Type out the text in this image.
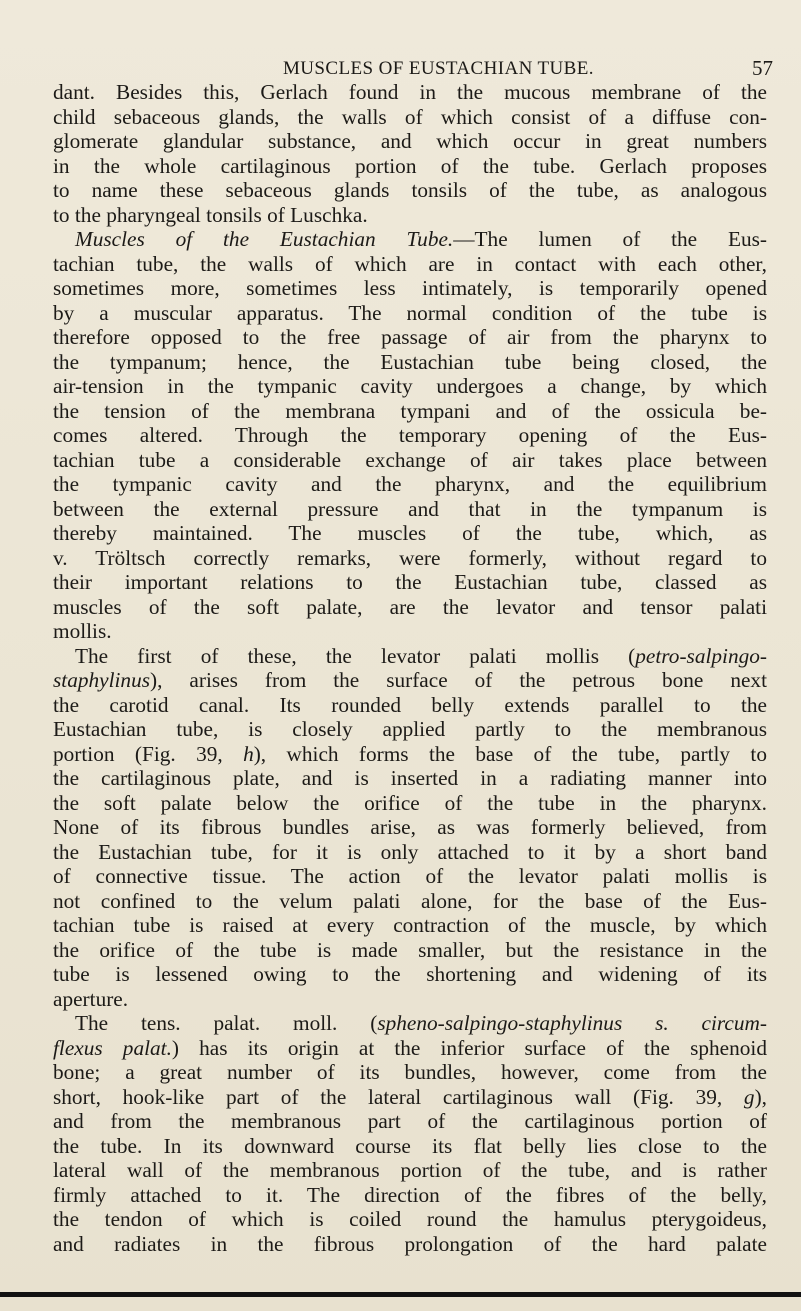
MUSCLES OF EUSTACHIAN TUBE.	57
dant. Besides this, Gerlach found in the mucous membrane of the
child sebaceous glands, the walls of which consist of a diffuse con-
glomerate glandular substance, and which occur in great numbers
in the whole cartilaginous portion of the tube. Gerlach proposes
to name these sebaceous glands tonsils of the tube, as analogous
to the pharyngeal tonsils of Luschka.
Muscles of the Eustachian Tube.—The lumen of the Eus-
tachian tube, the walls of which are in contact with each other,
sometimes more, sometimes less intimately, is temporarily opened
by a muscular apparatus. The normal condition of the tube is
therefore opposed to the free passage of air from the pharynx to
the tympanum; hence, the Eustachian tube being closed, the
air-tension in the tympanic cavity undergoes a change, by which
the tension of the membrana tympani and of the ossicula be-
comes altered. Through the temporary opening of the Eus-
tachian tube a considerable exchange of air takes place between
the tympanic cavity and the pharynx, and the equilibrium
between the external pressure and that in the tympanum is
thereby maintained. The muscles of the tube, which, as
v. Tröltsch correctly remarks, were formerly, without regard to
their important relations to the Eustachian tube, classed as
muscles of the soft palate, are the levator and tensor palati
mollis.
The first of these, the levator palati mollis (petro-salpingo-
staphylinus), arises from the surface of the petrous bone next
the carotid canal. Its rounded belly extends parallel to the
Eustachian tube, is closely applied partly to the membranous
portion (Fig. 39, h), which forms the base of the tube, partly to
the cartilaginous plate, and is inserted in a radiating manner into
the soft palate below the orifice of the tube in the pharynx.
None of its fibrous bundles arise, as was formerly believed, from
the Eustachian tube, for it is only attached to it by a short band
of connective tissue. The action of the levator palati mollis is
not confined to the velum palati alone, for the base of the Eus-
tachian tube is raised at every contraction of the muscle, by which
the orifice of the tube is made smaller, but the resistance in the
tube is lessened owing to the shortening and widening of its
aperture.
The tens. palat. moll. (spheno-salpingo-staphylinus s. circum-
flexus palat.) has its origin at the inferior surface of the sphenoid
bone; a great number of its bundles, however, come from the
short, hook-like part of the lateral cartilaginous wall (Fig. 39, g),
and from the membranous part of the cartilaginous portion of
the tube. In its downward course its flat belly lies close to the
lateral wall of the membranous portion of the tube, and is rather
firmly attached to it. The direction of the fibres of the belly,
the tendon of which is coiled round the hamulus pterygoideus,
and radiates in the fibrous prolongation of the hard palate
